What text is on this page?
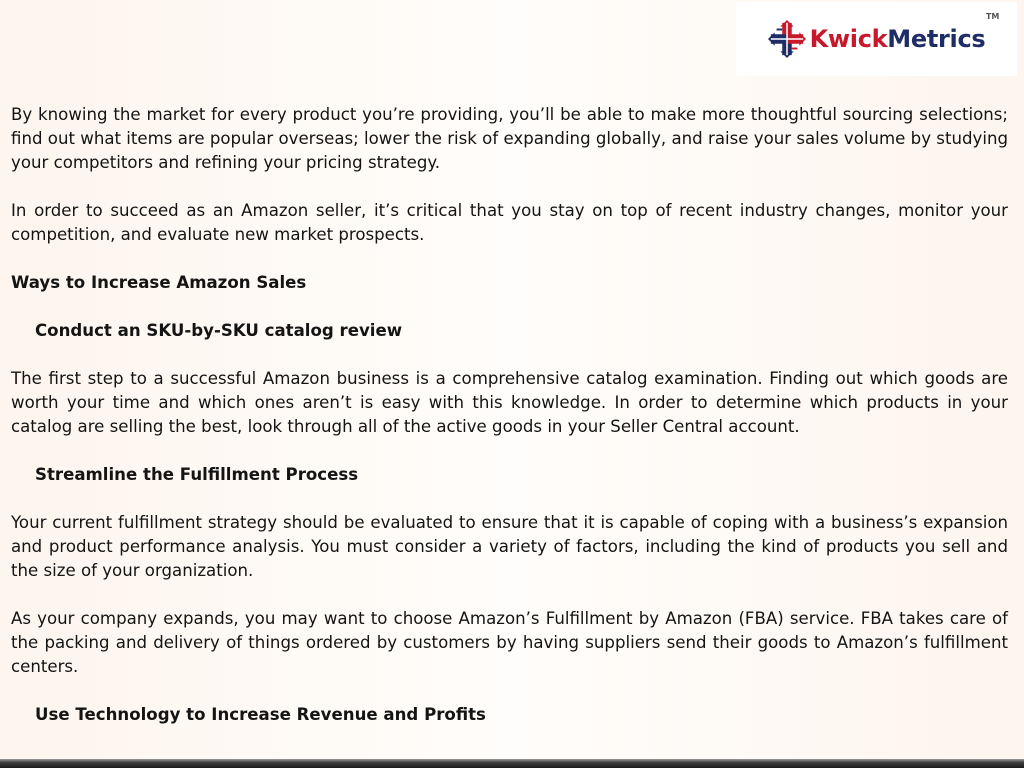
KwickMetrics
TM

By knowing the market for every product you’re providing, you’ll be able to make more thoughtful sourcing selections; find out what items are popular overseas; lower the risk of expanding globally, and raise your sales volume by studying your competitors and refining your pricing strategy.

In order to succeed as an Amazon seller, it’s critical that you stay on top of recent industry changes, monitor your competition, and evaluate new market prospects.

Ways to Increase Amazon Sales
Conduct an SKU-by-SKU catalog review

The first step to a successful Amazon business is a comprehensive catalog examination. Finding out which goods are worth your time and which ones aren’t is easy with this knowledge. In order to determine which products in your catalog are selling the best, look through all of the active goods in your Seller Central account.

Streamline the Fulfillment Process

Your current fulfillment strategy should be evaluated to ensure that it is capable of coping with a business’s expansion and product performance analysis. You must consider a variety of factors, including the kind of products you sell and the size of your organization.

As your company expands, you may want to choose Amazon’s Fulfillment by Amazon (FBA) service. FBA takes care of the packing and delivery of things ordered by customers by having suppliers send their goods to Amazon’s fulfillment centers.

Use Technology to Increase Revenue and Profits
